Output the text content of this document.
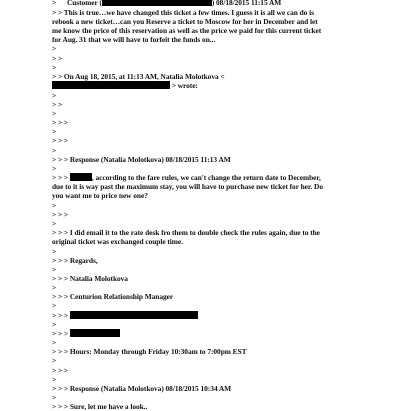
>      Customer (	) 08/18/2015 11:15 AM
> > This is true…we have changed this ticket a few times. I guess it is all we can do is
rebook a new ticket…can you Reserve a ticket to Moscow for her in December and let
me know the price of this reservation as well as the price we paid for this current ticket
for Aug. 31 that we will have to forfeit the funds on...
>
> >
>
> > On Aug 18, 2015, at 11:13 AM, Natalia Molotkova <
> wrote:
>
> >
>
> > >
>
> > >
>
> > > Response (Natalia Molotkova) 08/18/2015 11:13 AM
>
> > >	, according to the fare rules, we can't change the return date to December,
due to it is way past the maximum stay, you will have to purchase new ticket for her. Do
you want me to price new one?
>
> > >
>
> > > I did email it to the rate desk fro them to double check the rules again, due to the
original ticket was exchanged couple time.
>
> > > Regards,
>
> > > Natalia Molotkova
>
> > > Centurion Relationship Manager
>
> > >
>
> > >
>
> > > Hours: Monday through Friday 10:30am to 7:00pm EST
>
> > >
>
> > > Response (Natalia Molotkova) 08/18/2015 10:34 AM
>
> > > Sure, let me have a look..
